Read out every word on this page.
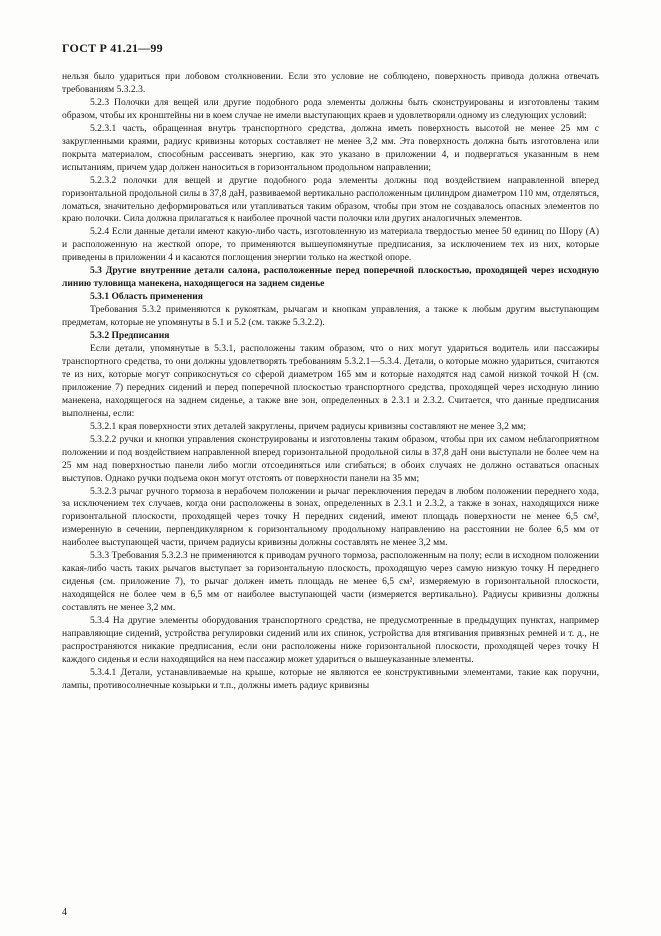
ГОСТ Р 41.21—99

нельзя было удариться при лобовом столкновении. Если это условие не соблюдено, поверхность привода должна отвечать требованиям 5.3.2.3.

5.2.3 Полочки для вещей или другие подобного рода элементы должны быть сконструированы и изготовлены таким образом, чтобы их кронштейны ни в коем случае не имели выступающих краев и удовлетворяли одному из следующих условий:

5.2.3.1 часть, обращенная внутрь транспортного средства, должна иметь поверхность высотой не менее 25 мм с закругленными краями, радиус кривизны которых составляет не менее 3,2 мм. Эта поверхность должна быть изготовлена или покрыта материалом, способным рассеивать энергию, как это указано в приложении 4, и подвергаться указанным в нем испытаниям, причем удар должен наноситься в горизонтальном продольном направлении;

5.2.3.2 полочки для вещей и другие подобного рода элементы должны под воздействием направленной вперед горизонтальной продольной силы в 37,8 даН, развиваемой вертикально расположенным цилиндром диаметром 110 мм, отделяться, ломаться, значительно деформироваться или утапливаться таким образом, чтобы при этом не создавалось опасных элементов по краю полочки. Сила должна прилагаться к наиболее прочной части полочки или других аналогичных элементов.

5.2.4 Если данные детали имеют какую-либо часть, изготовленную из материала твердостью менее 50 единиц по Шору (А) и расположенную на жесткой опоре, то применяются вышеупомянутые предписания, за исключением тех из них, которые приведены в приложении 4 и касаются поглощения энергии только на жесткой опоре.

5.3 Другие внутренние детали салона, расположенные перед поперечной плоскостью, проходящей через исходную линию туловища манекена, находящегося на заднем сиденье

5.3.1 Область применения

Требования 5.3.2 применяются к рукояткам, рычагам и кнопкам управления, а также к любым другим выступающим предметам, которые не упомянуты в 5.1 и 5.2 (см. также 5.3.2.2).

5.3.2 Предписания

Если детали, упомянутые в 5.3.1, расположены таким образом, что о них могут удариться водитель или пассажиры транспортного средства, то они должны удовлетворять требованиям 5.3.2.1—5.3.4. Детали, о которые можно удариться, считаются те из них, которые могут соприкоснуться со сферой диаметром 165 мм и которые находятся над самой низкой точкой H (см. приложение 7) передних сидений и перед поперечной плоскостью транспортного средства, проходящей через исходную линию манекена, находящегося на заднем сиденье, а также вне зон, определенных в 2.3.1 и 2.3.2. Считается, что данные предписания выполнены, если:

5.3.2.1 края поверхности этих деталей закруглены, причем радиусы кривизны составляют не менее 3,2 мм;

5.3.2.2 ручки и кнопки управления сконструированы и изготовлены таким образом, чтобы при их самом неблагоприятном положении и под воздействием направленной вперед горизонтальной продольной силы в 37,8 даН они выступали не более чем на 25 мм над поверхностью панели либо могли отсоединяться или сгибаться; в обоих случаях не должно оставаться опасных выступов. Однако ручки подъема окон могут отстоять от поверхности панели на 35 мм;

5.3.2.3 рычаг ручного тормоза в нерабочем положении и рычаг переключения передач в любом положении переднего хода, за исключением тех случаев, когда они расположены в зонах, определенных в 2.3.1 и 2.3.2, а также в зонах, находящихся ниже горизонтальной плоскости, проходящей через точку H передних сидений, имеют площадь поверхности не менее 6,5 см², измеренную в сечении, перпендикулярном к горизонтальному продольному направлению на расстоянии не более 6,5 мм от наиболее выступающей части, причем радиусы кривизны должны составлять не менее 3,2 мм.

5.3.3 Требования 5.3.2.3 не применяются к приводам ручного тормоза, расположенным на полу; если в исходном положении какая-либо часть таких рычагов выступает за горизонтальную плоскость, проходящую через самую низкую точку H переднего сиденья (см. приложение 7), то рычаг должен иметь площадь не менее 6,5 см², измеряемую в горизонтальной плоскости, находящейся не более чем в 6,5 мм от наиболее выступающей части (измеряется вертикально). Радиусы кривизны должны составлять не менее 3,2 мм.

5.3.4 На другие элементы оборудования транспортного средства, не предусмотренные в предыдущих пунктах, например направляющие сидений, устройства регулировки сидений или их спинок, устройства для втягивания привязных ремней и т. д., не распространяются никакие предписания, если они расположены ниже горизонтальной плоскости, проходящей через точку H каждого сиденья и если находящийся на нем пассажир может удариться о вышеуказанные элементы.

5.3.4.1 Детали, устанавливаемые на крыше, которые не являются ее конструктивными элементами, такие как поручни, лампы, противосолнечные козырьки и т.п., должны иметь радиус кривизны

4
